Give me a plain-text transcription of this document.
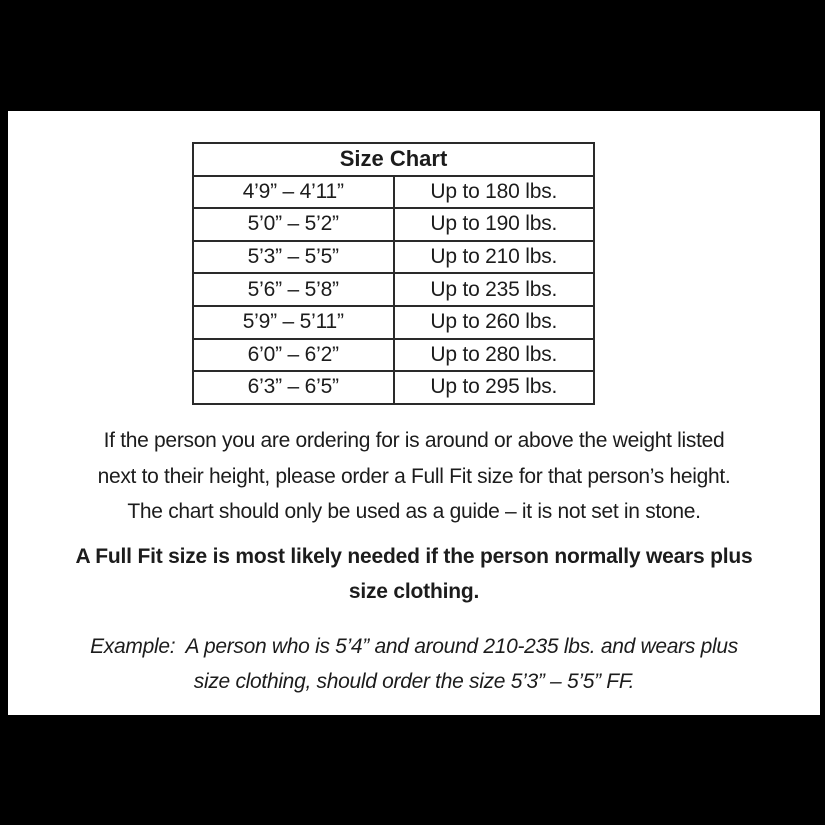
Size Chart	
4’9” – 4’11”	Up to 180 lbs.
5’0” – 5’2”	Up to 190 lbs.
5’3” – 5’5”	Up to 210 lbs.
5’6” – 5’8”	Up to 235 lbs.
5’9” – 5’11”	Up to 260 lbs.
6’0” – 6’2”	Up to 280 lbs.
6’3” – 6’5”	Up to 295 lbs.
If the person you are ordering for is around or above the weight listed
next to their height, please order a Full Fit size for that person’s height.
The chart should only be used as a guide – it is not set in stone.
A Full Fit size is most likely needed if the person normally wears plus
size clothing.
Example:  A person who is 5’4” and around 210-235 lbs. and wears plus
size clothing, should order the size 5’3” – 5’5” FF.
